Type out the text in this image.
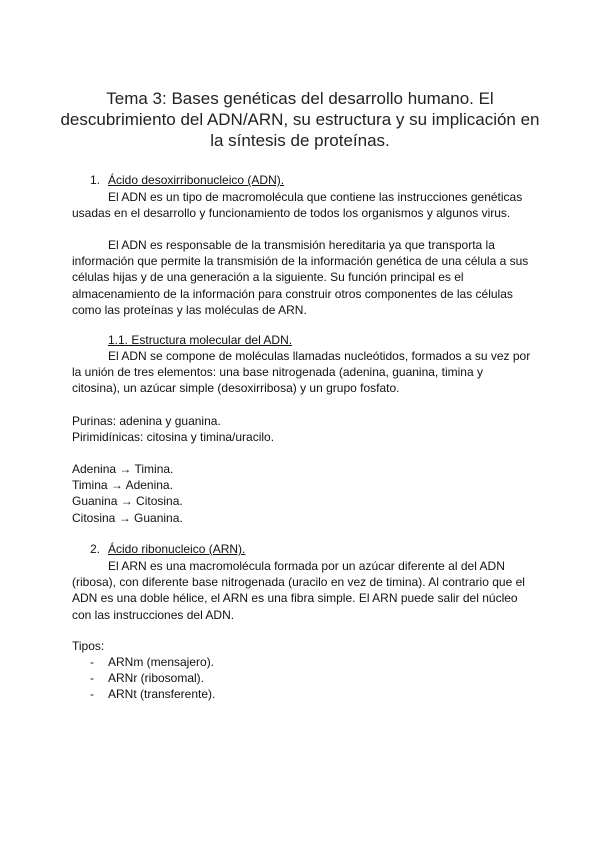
Tema 3: Bases genéticas del desarrollo humano. El descubrimiento del ADN/ARN, su estructura y su implicación en la síntesis de proteínas.
1. Ácido desoxirribonucleico (ADN).
El ADN es un tipo de macromolécula que contiene las instrucciones genéticas usadas en el desarrollo y funcionamiento de todos los organismos y algunos virus.
El ADN es responsable de la transmisión hereditaria ya que transporta la información que permite la transmisión de la información genética de una célula a sus células hijas y de una generación a la siguiente. Su función principal es el almacenamiento de la información para construir otros componentes de las células como las proteínas y las moléculas de ARN.
1.1. Estructura molecular del ADN.
El ADN se compone de moléculas llamadas nucleótidos, formados a su vez por la unión de tres elementos: una base nitrogenada (adenina, guanina, timina y citosina), un azúcar simple (desoxirribosa) y un grupo fosfato.
Purinas: adenina y guanina.
Pirimidínicas: citosina y timina/uracilo.
Adenina → Timina.
Timina → Adenina.
Guanina → Citosina.
Citosina → Guanina.
2. Ácido ribonucleico (ARN).
El ARN es una macromolécula formada por un azúcar diferente al del ADN (ribosa), con diferente base nitrogenada (uracilo en vez de timina). Al contrario que el ADN es una doble hélice, el ARN es una fibra simple. El ARN puede salir del núcleo con las instrucciones del ADN.
Tipos:
- ARNm (mensajero).
- ARNr (ribosomal).
- ARNt (transferente).
